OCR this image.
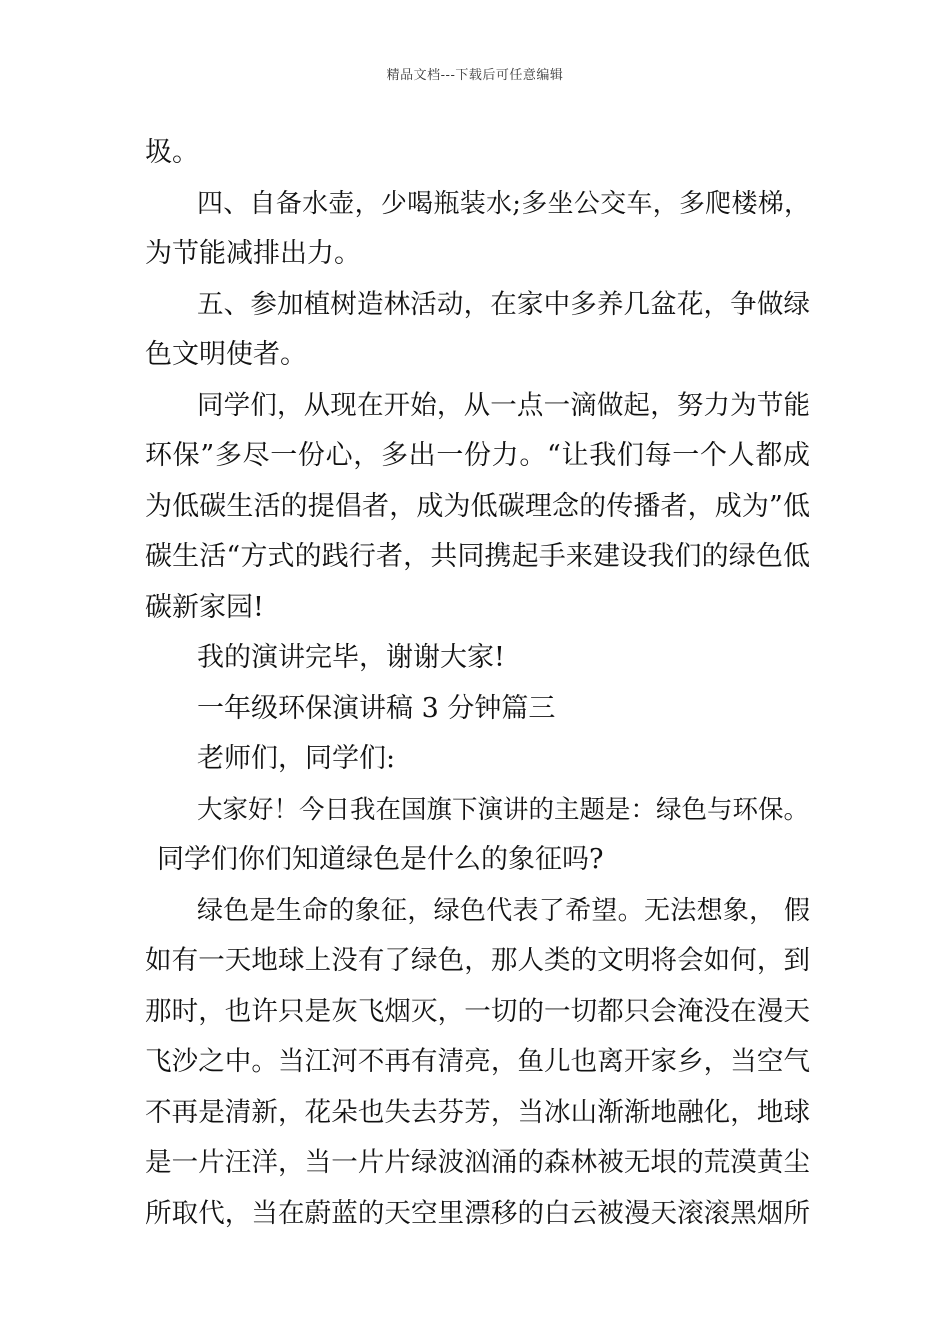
精品文档---下载后可任意编辑
圾。
四、自备水壶，少喝瓶装水;多坐公交车，多爬楼梯，
为节能减排出力。
五、参加植树造林活动，在家中多养几盆花，争做绿
色文明使者。
同学们，从现在开始，从一点一滴做起，努力为节能
环保”多尽一份心，多出一份力。“让我们每一个人都成
为低碳生活的提倡者，成为低碳理念的传播者，成为”低
碳生活“方式的践行者，共同携起手来建设我们的绿色低
碳新家园!
我的演讲完毕，谢谢大家!
一年级环保演讲稿 3 分钟篇三
老师们，同学们:
大家好！今日我在国旗下演讲的主题是：绿色与环保。
同学们你们知道绿色是什么的象征吗?
绿色是生命的象征，绿色代表了希望。无法想象， 假
如有一天地球上没有了绿色，那人类的文明将会如何，到
那时，也许只是灰飞烟灭，一切的一切都只会淹没在漫天
飞沙之中。当江河不再有清亮，鱼儿也离开家乡，当空气
不再是清新，花朵也失去芬芳，当冰山渐渐地融化，地球
是一片汪洋，当一片片绿波汹涌的森林被无垠的荒漠黄尘
所取代，当在蔚蓝的天空里漂移的白云被漫天滚滚黑烟所
